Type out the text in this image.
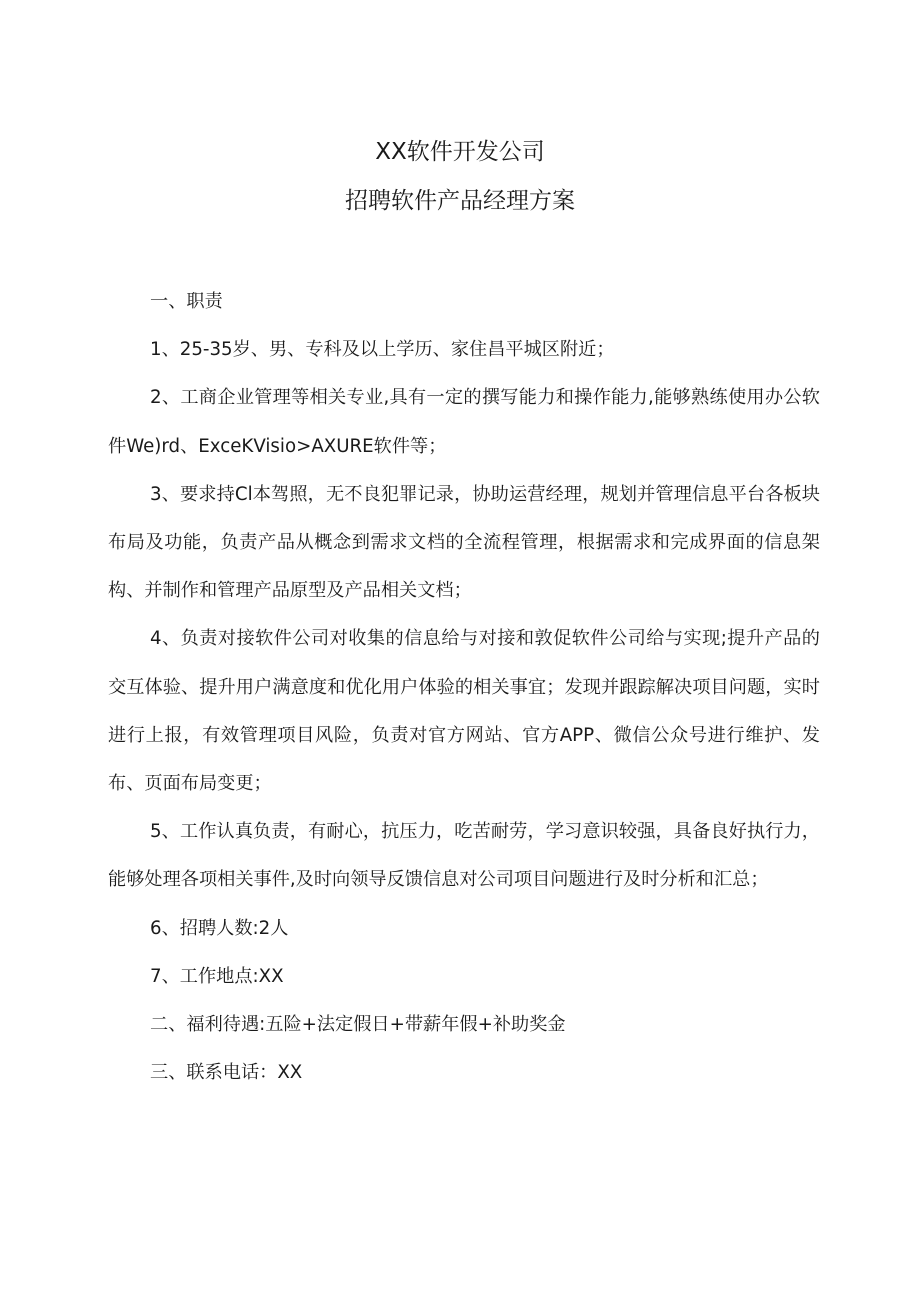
XX软件开发公司
招聘软件产品经理方案

一、职责

1、25-35岁、男、专科及以上学历、家住昌平城区附近；

2、工商企业管理等相关专业,具有一定的撰写能力和操作能力,能够熟练使用办公软件We)rd、ExceKVisio>AXURE软件等；

3、要求持Cl本驾照，无不良犯罪记录，协助运营经理，规划并管理信息平台各板块布局及功能，负责产品从概念到需求文档的全流程管理，根据需求和完成界面的信息架构、并制作和管理产品原型及产品相关文档；

4、负责对接软件公司对收集的信息给与对接和敦促软件公司给与实现;提升产品的交互体验、提升用户满意度和优化用户体验的相关事宜；发现并跟踪解决项目问题，实时进行上报，有效管理项目风险，负责对官方网站、官方APP、微信公众号进行维护、发布、页面布局变更；

5、工作认真负责，有耐心，抗压力，吃苦耐劳，学习意识较强，具备良好执行力，能够处理各项相关事件,及时向领导反馈信息对公司项目问题进行及时分析和汇总；

6、招聘人数:2人

7、工作地点:XX

二、福利待遇:五险+法定假日+带薪年假+补助奖金

三、联系电话：XX
